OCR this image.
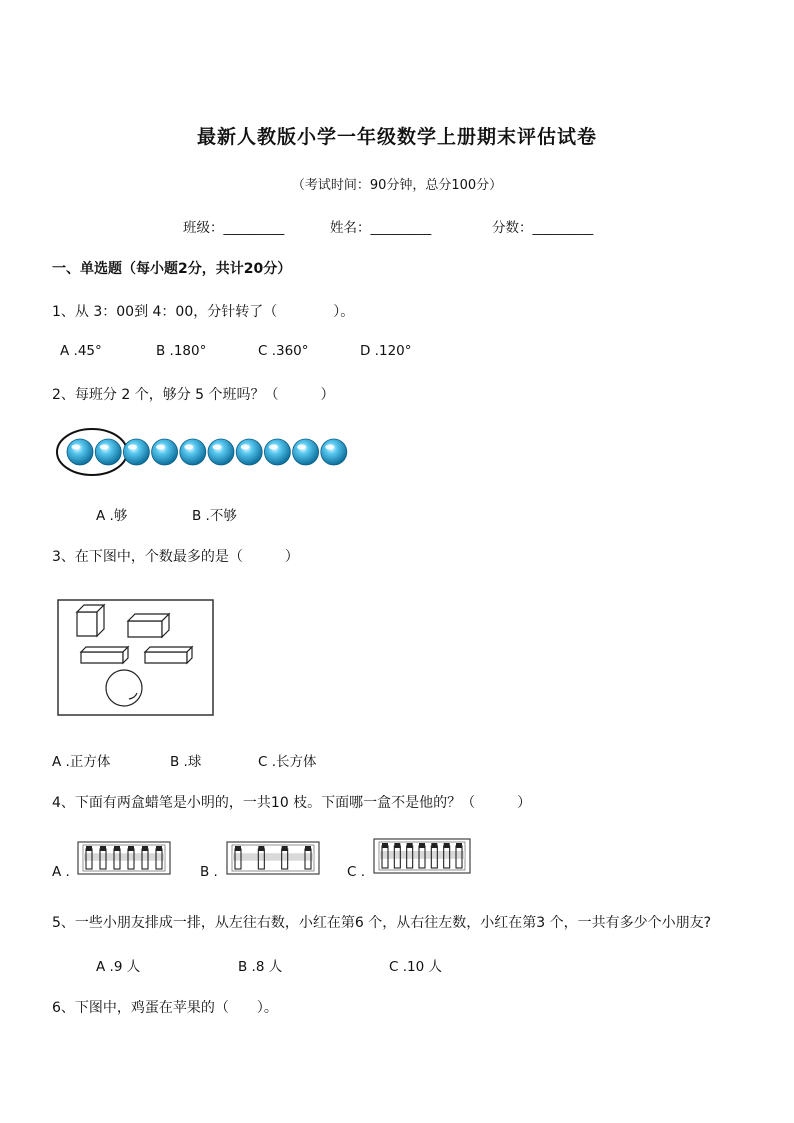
最新人教版小学一年级数学上册期末评估试卷
（考试时间：90分钟，总分100分）
班级：_________	姓名：_________	分数：_________
一、单选题（每小题2分，共计20分）
1、从 3：00到 4：00，分针转了（　　　　）。
A .45°	B .180°	C .360°	D .120°
2、每班分 2 个，够分 5 个班吗？（　　　）
A .够	B .不够
3、在下图中，个数最多的是（　　　）
A .正方体	B .球	C .长方体
4、下面有两盒蜡笔是小明的，一共10 枝。下面哪一盒不是他的？（　　　）
A .	B .	C .
5、一些小朋友排成一排，从左往右数，小红在第6 个，从右往左数，小红在第3 个，一共有多少个小朋友?
A .9 人	B .8 人	C .10 人
6、下图中，鸡蛋在苹果的（　　）。
